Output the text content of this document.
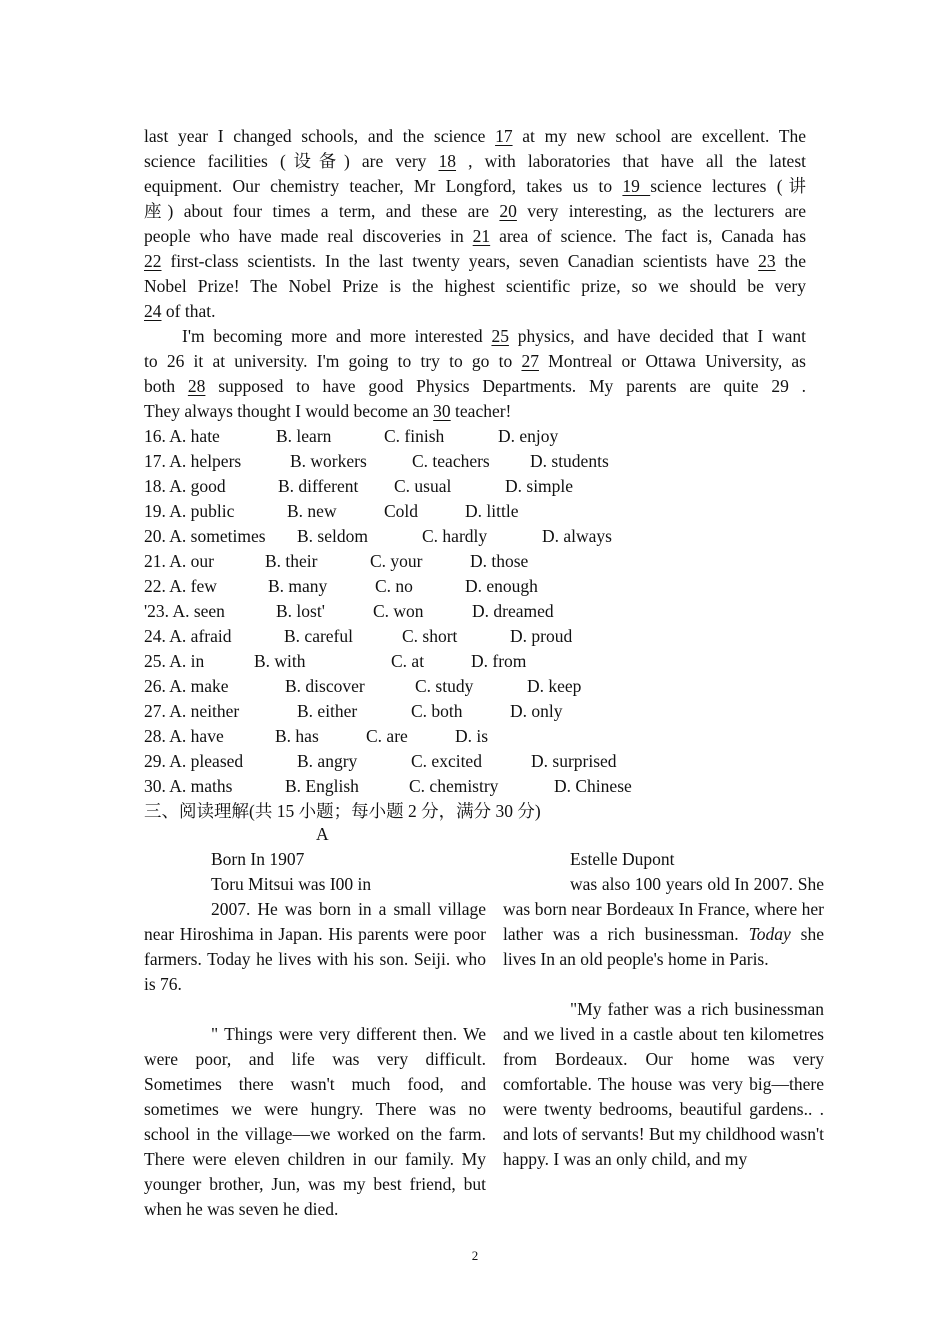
last year I changed schools, and the science 17 at my new school are excellent. The
science facilities (设备) are very 18 , with laboratories that have all the latest
equipment. Our chemistry teacher, Mr Longford, takes us to 19 science lectures (讲
座) about four times a term, and these are 20 very interesting, as the lecturers are
people who have made real discoveries in 21 area of science. The fact is, Canada has
22 first-class scientists. In the last twenty years, seven Canadian scientists have 23 the
Nobel Prize! The Nobel Prize is the highest scientific prize, so we should be very
24 of that.
I'm becoming more and more interested 25 physics, and have decided that I want
to 26 it at university. I'm going to try to go to 27 Montreal or Ottawa University, as
both 28 supposed to have good Physics Departments. My parents are quite 29 .
They always thought I would become an 30 teacher!
16. A. hate	B. learn	C. finish	D. enjoy
17. A. helpers	B. workers	C. teachers D. students
18. A. good	B. different C. usual	D. simple
19. A. public	B. new	Cold	D. little
20. A. sometimes B. seldom	C. hardly	D. always
21. A. our	B. their	C. your	D. those
22. A. few	B. many	C. no	D. enough
'23. A. seen	B. lost'	C. won	D. dreamed
24. A. afraid	B. careful	C. short	D. proud
25. A. in	B. with	C. at	D. from
26. A. make	B. discover	C. study	D. keep
27. A. neither	B. either	C. both	D. only
28. A. have	B. has	C. are	D. is
29. A. pleased	B. angry	C. excited	D. surprised
30. A. maths	B. English	C. chemistry	D. Chinese
三、阅读理解(共 15 小题；每小题 2 分，满分 30 分)
A
Born In 1907
Toru Mitsui was I00 in

2007. He was born in a small village near Hiroshima in Japan. His parents were poor farmers. Today he lives with his son. Seiji. who is 76.

" Things were very different then. We were poor, and life was very difficult. Sometimes there wasn't much food, and sometimes we were hungry. There was no school in the village—we worked on the farm. There were eleven children in our family. My younger brother, Jun, was my best friend, but when he was seven he died.

Estelle Dupont

was also 100 years old In 2007. She was born near Bordeaux In France, where her lather was a rich businessman. Today she lives In an old people's home in Paris.

"My father was a rich businessman and we lived in a castle about ten kilometres from Bordeaux. Our home was very comfortable. The house was very big—there were twenty bedrooms, beautiful gardens.. . and lots of servants! But my childhood wasn't happy. I was an only child, and my

2
